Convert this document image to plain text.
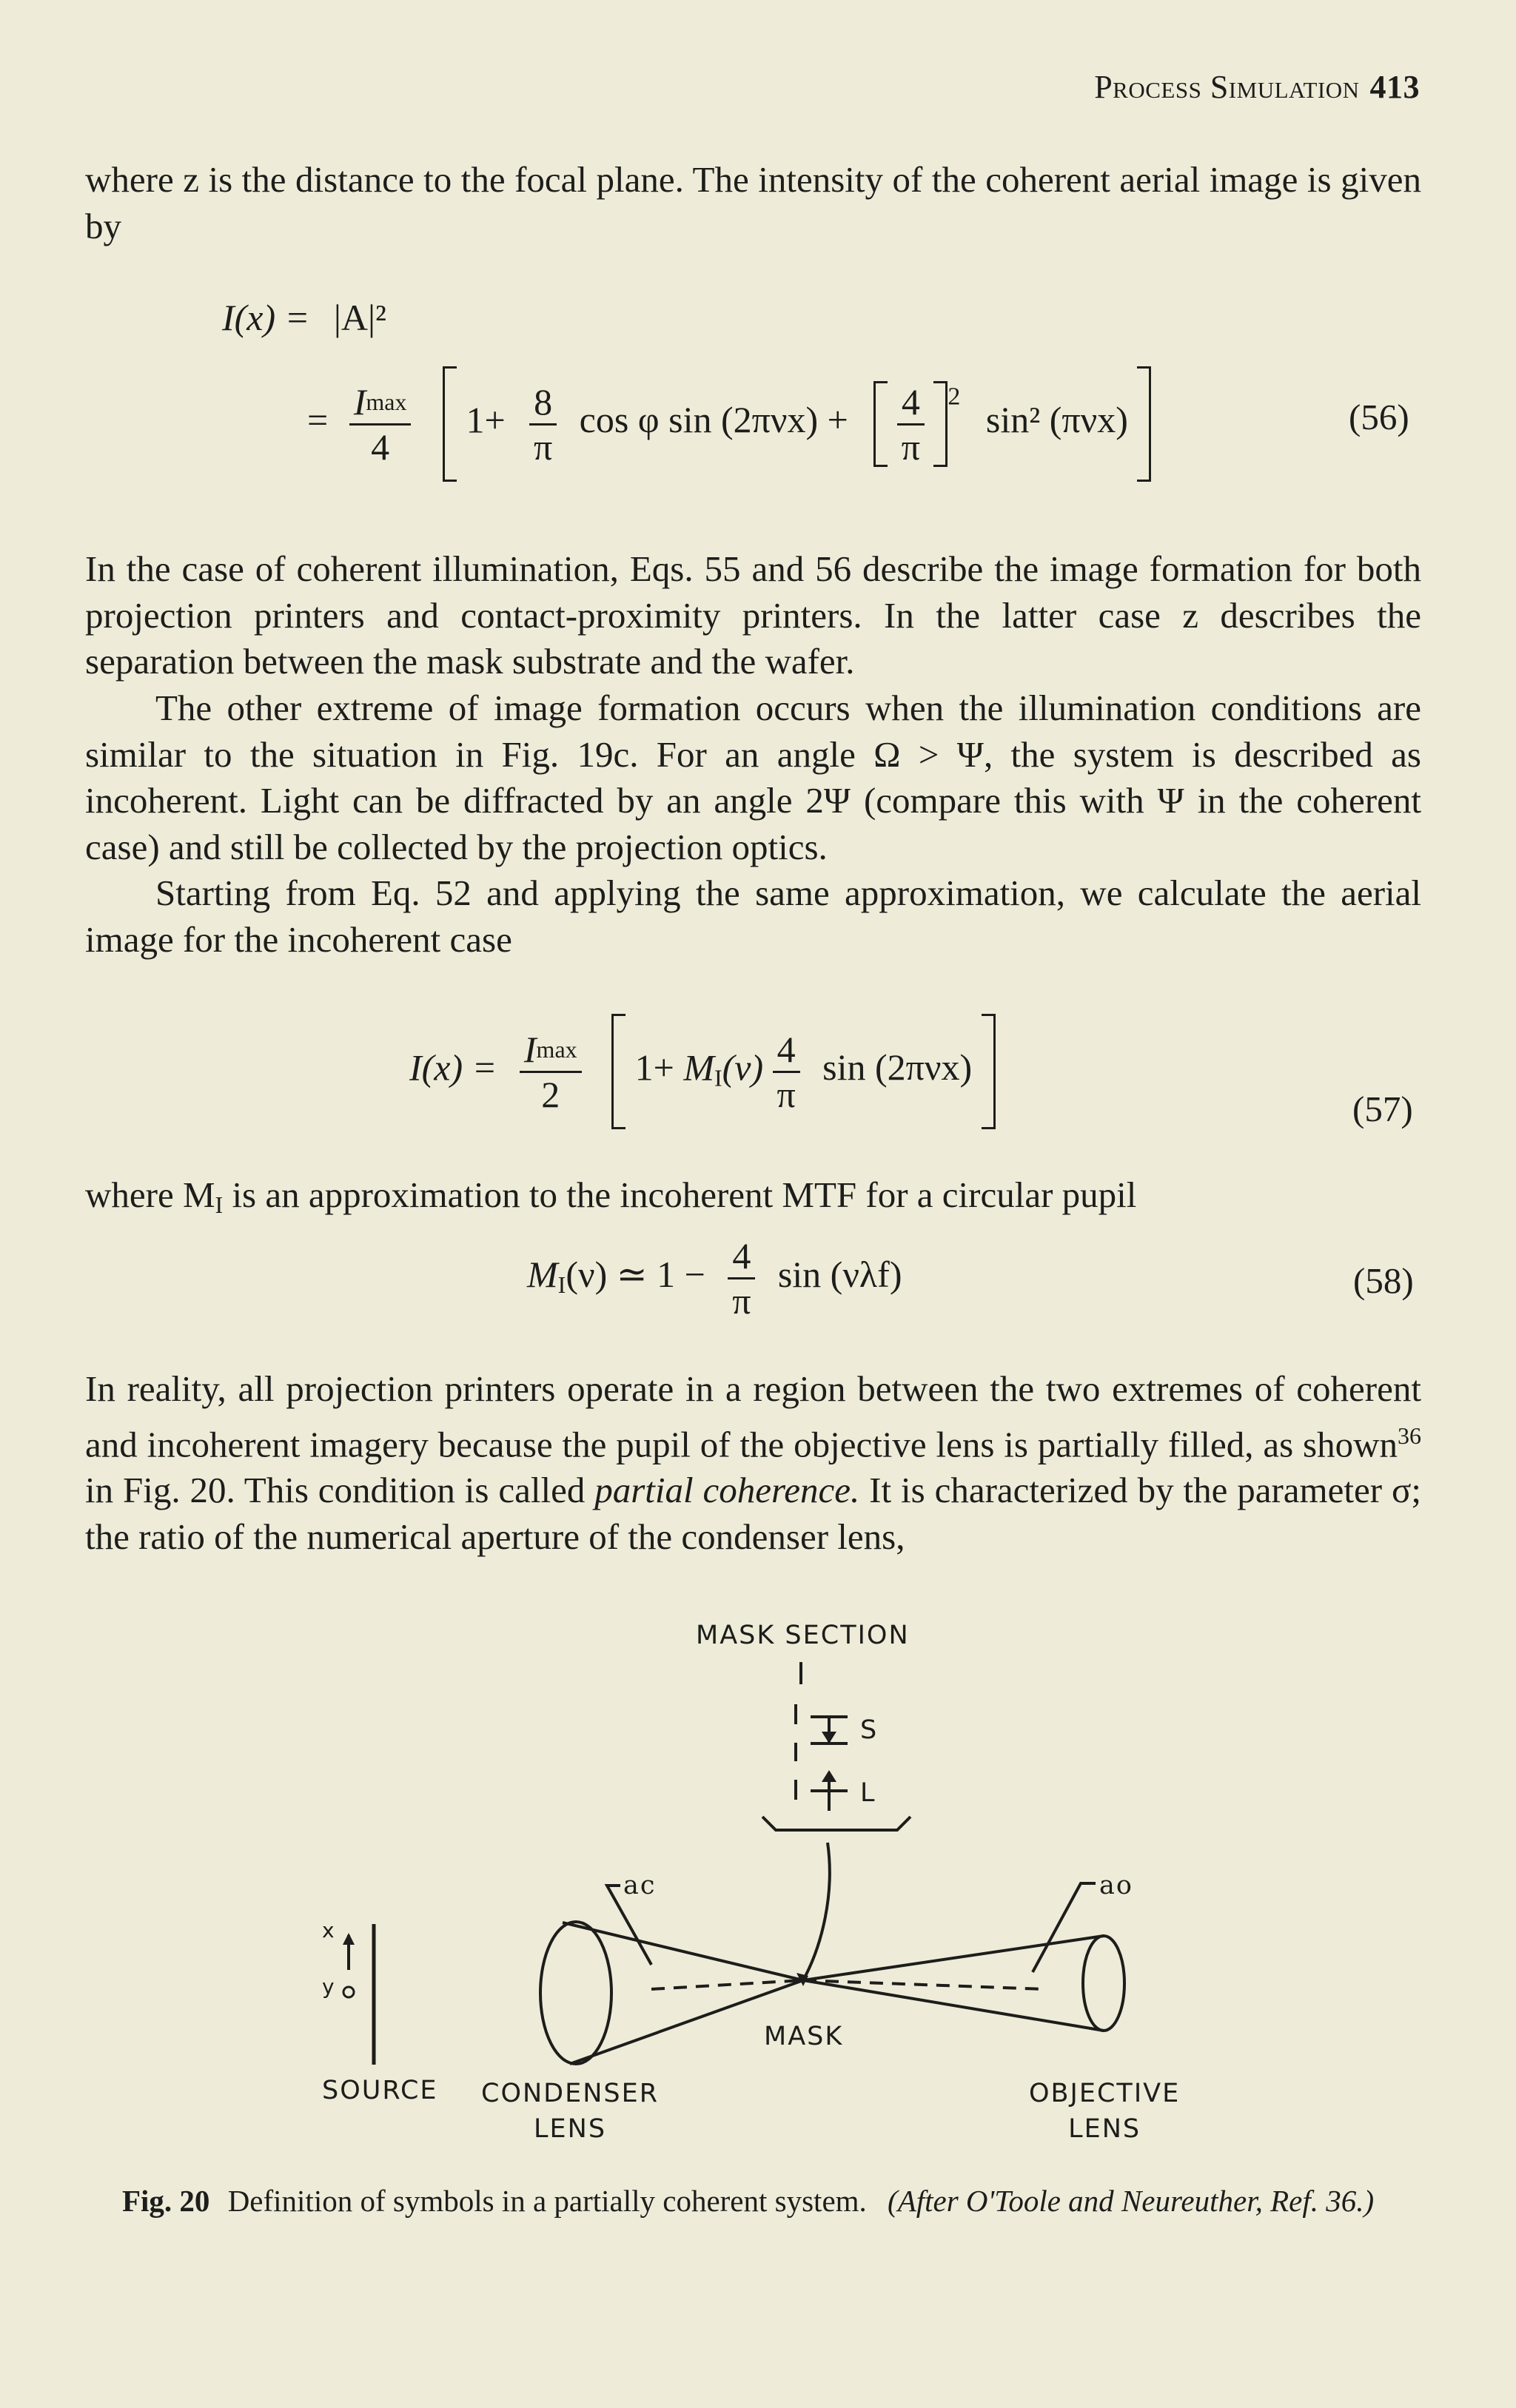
Process Simulation 413
where z is the distance to the focal plane. The intensity of the coherent aerial image is given by
I(x) = |A|²
= $\frac{Imax}{4} 1+ \frac{8}{\pi}$ cos φ $\sin (2\pi\nu x) + \frac{4}{\pi} ^2$ sin² (πνx)	(56)
In the case of coherent illumination, Eqs. 55 and 56 describe the image formation for both projection printers and contact-proximity printers. In the latter case z describes the separation between the mask substrate and the wafer.
The other extreme of image formation occurs when the illumination conditions are similar to the situation in Fig. 19c. For an angle Ω > Ψ, the system is described as incoherent. Light can be diffracted by an angle 2Ψ (compare this with Ψ in the coherent case) and still be collected by the projection optics.
Starting from Eq. 52 and applying the same approximation, we calculate the aerial image for the incoherent case
$I(x) = \frac{Imax}{2} 1+ M_I(\nu) \frac{4}{\pi}$ sin (2πνx)
(57)
where $M_I$ is an approximation to the incoherent MTF for a circular pupil
$M_I(\nu)$ ≃ $1 - \frac{4}{\pi}$ sin (νλf)	(58)
In reality, all projection printers operate in a region between the two extremes of coherent and incoherent imagery because the pupil of the objective lens is partially filled, as shown$^{36}$ in Fig. 20. This condition is called partial coherence. It is characterized by the parameter σ; the ratio of the numerical aperture of the condenser lens,
MASK SECTION
S
L
ac	ao
x
y
MASK
SOURCE CONDENSER
LENS
OBJECTIVE
LENS
Fig. 20 Definition of symbols in a partially coherent system. (After O'Toole and Neureuther, Ref. 36.)
